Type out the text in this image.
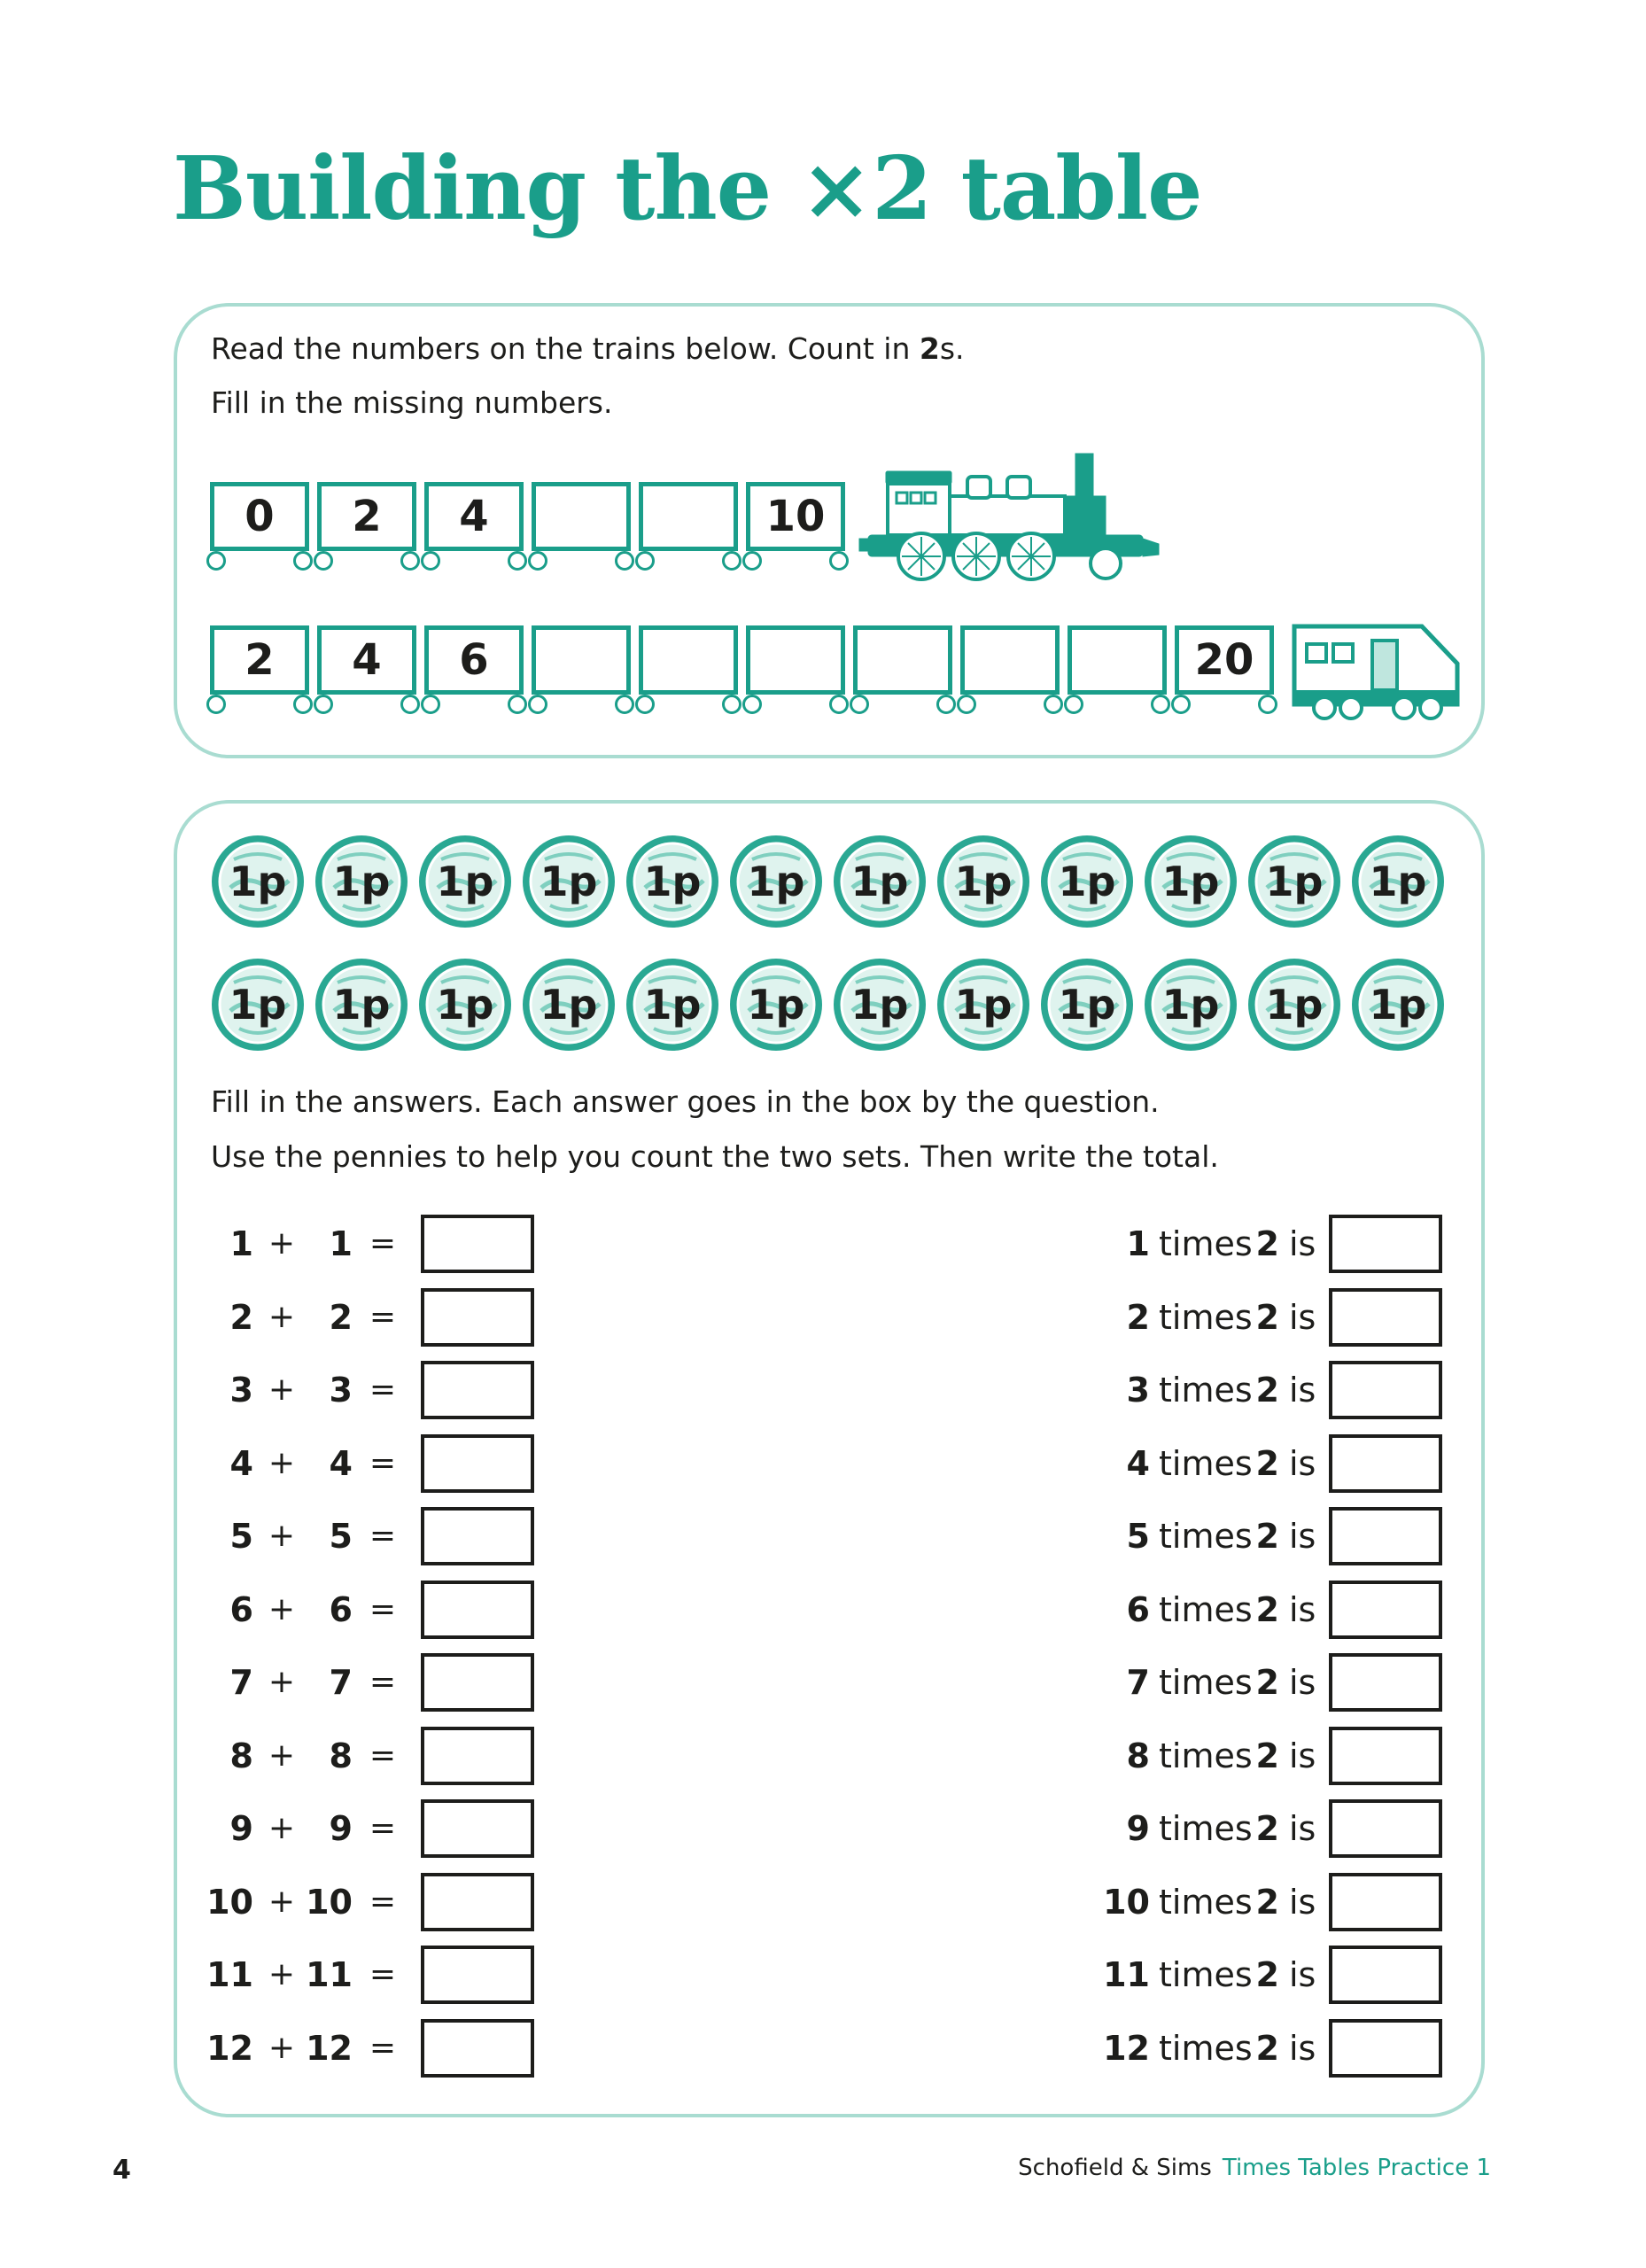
Building the ×2 table

Read the numbers on the trains below. Count in 2s.

Fill in the missing numbers.

0	2	4	10
2	4	6	20
1p	1p	1p	1p	1p	1p	1p	1p	1p	1p	1p	1p
1p	1p	1p	1p	1p	1p	1p	1p	1p	1p	1p	1p

Fill in the answers. Each answer goes in the box by the question.

Use the pennies to help you count the two sets. Then write the total.

1 +	1 =
2 +	2 =
3 +	3 =
4 +	4 =
5 +	5 =
6 +	6 =
7 +	7 =
8 +	8 =
9 +	9 =
10 + 10 =
11 + 11 =
12 + 12 =
1 times 2 is
2 times 2 is
3 times 2 is
4 times 2 is
5 times 2 is
6 times 2 is
7 times 2 is
8 times 2 is
9 times 2 is
10 times 2 is
11 times 2 is
12 times 2 is
4	Schofield & Sims Times Tables Practice 1
